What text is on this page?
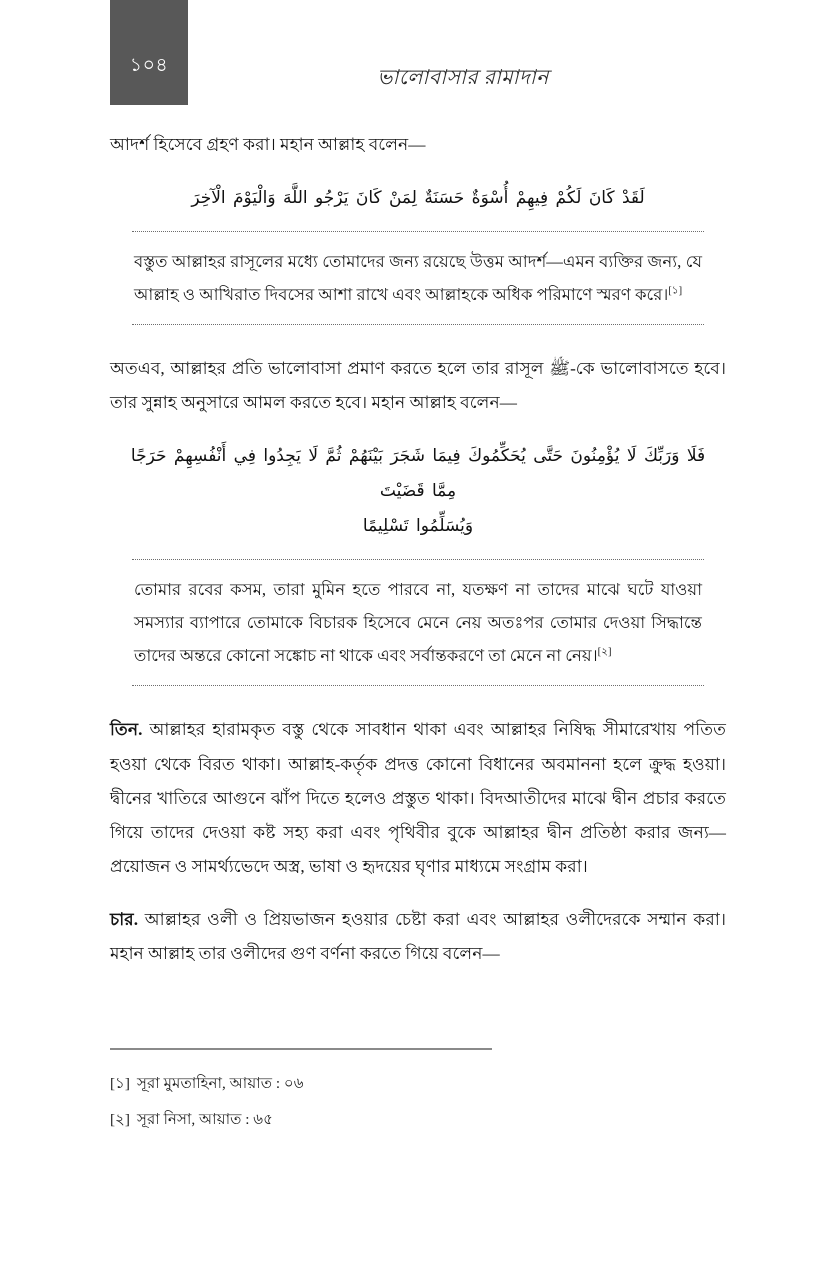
১০৪
ভালোবাসার রামাদান

আদর্শ হিসেবে গ্রহণ করা। মহান আল্লাহ বলেন—

لَقَدْ كَانَ لَكُمْ فِيهِمْ أُسْوَةٌ حَسَنَةٌ لِمَنْ كَانَ يَرْجُو اللَّهَ وَالْيَوْمَ الْآخِرَ

বস্তুত আল্লাহর রাসূলের মধ্যে তোমাদের জন্য রয়েছে উত্তম আদর্শ—এমন ব্যক্তির জন্য, যে আল্লাহ ও আখিরাত দিবসের আশা রাখে এবং আল্লাহকে অধিক পরিমাণে স্মরণ করে।[১]

অতএব, আল্লাহর প্রতি ভালোবাসা প্রমাণ করতে হলে তার রাসূল ﷺ-কে ভালোবাসতে হবে। তার সুন্নাহ অনুসারে আমল করতে হবে। মহান আল্লাহ বলেন—

فَلَا وَرَبِّكَ لَا يُؤْمِنُونَ حَتَّى يُحَكِّمُوكَ فِيمَا شَجَرَ بَيْنَهُمْ ثُمَّ لَا يَجِدُوا فِي أَنْفُسِهِمْ حَرَجًا مِمَّا قَضَيْتَ
وَيُسَلِّمُوا تَسْلِيمًا

তোমার রবের কসম, তারা মুমিন হতে পারবে না, যতক্ষণ না তাদের মাঝে ঘটে যাওয়া সমস্যার ব্যাপারে তোমাকে বিচারক হিসেবে মেনে নেয় অতঃপর তোমার দেওয়া সিদ্ধান্তে তাদের অন্তরে কোনো সঙ্কোচ না থাকে এবং সর্বান্তকরণে তা মেনে না নেয়।[২]

তিন. আল্লাহর হারামকৃত বস্তু থেকে সাবধান থাকা এবং আল্লাহর নিষিদ্ধ সীমারেখায় পতিত হওয়া থেকে বিরত থাকা। আল্লাহ-কর্তৃক প্রদত্ত কোনো বিধানের অবমাননা হলে ক্রুদ্ধ হওয়া। দ্বীনের খাতিরে আগুনে ঝাঁপ দিতে হলেও প্রস্তুত থাকা। বিদআতীদের মাঝে দ্বীন প্রচার করতে গিয়ে তাদের দেওয়া কষ্ট সহ্য করা এবং পৃথিবীর বুকে আল্লাহর দ্বীন প্রতিষ্ঠা করার জন্য—প্রয়োজন ও সামর্থ্যভেদে অস্ত্র, ভাষা ও হৃদয়ের ঘৃণার মাধ্যমে সংগ্রাম করা।

চার. আল্লাহর ওলী ও প্রিয়ভাজন হওয়ার চেষ্টা করা এবং আল্লাহর ওলীদেরকে সম্মান করা। মহান আল্লাহ তার ওলীদের গুণ বর্ণনা করতে গিয়ে বলেন—

[১] সূরা মুমতাহিনা, আয়াত : ০৬
[২] সূরা নিসা, আয়াত : ৬৫
